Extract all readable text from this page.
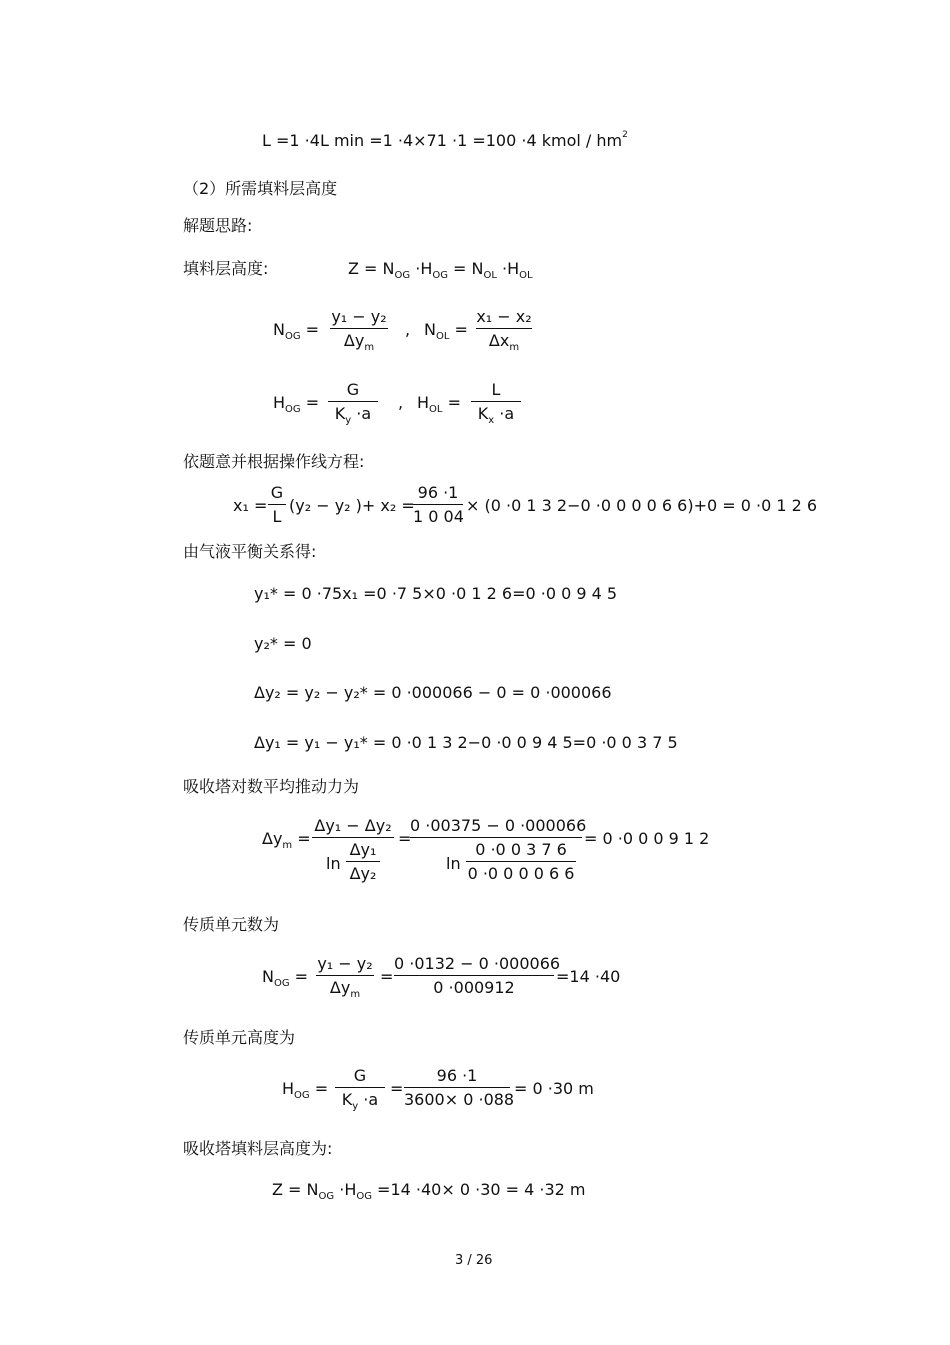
L =1 ·4L min =1 ·4×71 ·1 =100 ·4 kmol / $hm^2$
（2）所需填料层高度
解题思路:
填料层高度:	$Z = N_{OG} \cdot H_{OG} = N_{OL} \cdot H_{OL}$
$N_{OG}$ =
y₁ − y₂
$\Delta y_m$
, $N_{OL}$ =
x₁ − x₂
$\Delta x_m$
$H_{OG}$ =
G
$K_y \cdot a$
, $H_{OL}$ =
L
$K_x \cdot a$
依题意并根据操作线方程:
x₁ =
G
L
(y₂ − y₂ )+ x₂ =
96 ·1
1 0 04
× (0 ·0 1 3 2−0 ·0 0 0 0 6 6)+0 = 0 ·0 1 2 6
由气液平衡关系得:
y₁* = 0 ·75x₁ =0 ·7 5×0 ·0 1 2 6=0 ·0 0 9 4 5
y₂* = 0
Δy₂ = y₂ − y₂* = 0 ·000066 − 0 = 0 ·000066
Δy₁ = y₁ − y₁* = 0 ·0 1 3 2−0 ·0 0 9 4 5=0 ·0 0 3 7 5
吸收塔对数平均推动力为
$\Delta y_m$ =
Δy₁ − Δy₂
ln
Δy₁
Δy₂
=
0 ·00375 − 0 ·000066
ln
0 ·0 0 3 7 6
0 ·0 0 0 0 6 6
= 0 ·0 0 0 9 1 2
传质单元数为
$N_{OG}$ =
y₁ − y₂
$\Delta y_m$
=
0 ·0132 − 0 ·000066
0 ·000912
=14 ·40
传质单元高度为
$H_{OG}$ =
G
$K_y \cdot a$
=
96 ·1
3600× 0 ·088
= 0 ·30 m
吸收塔填料层高度为:
$Z = N_{OG} \cdot H_{OG} =14 \cdot 40\times 0 \cdot 30 = 4 \cdot 32$ m
3 / 26
